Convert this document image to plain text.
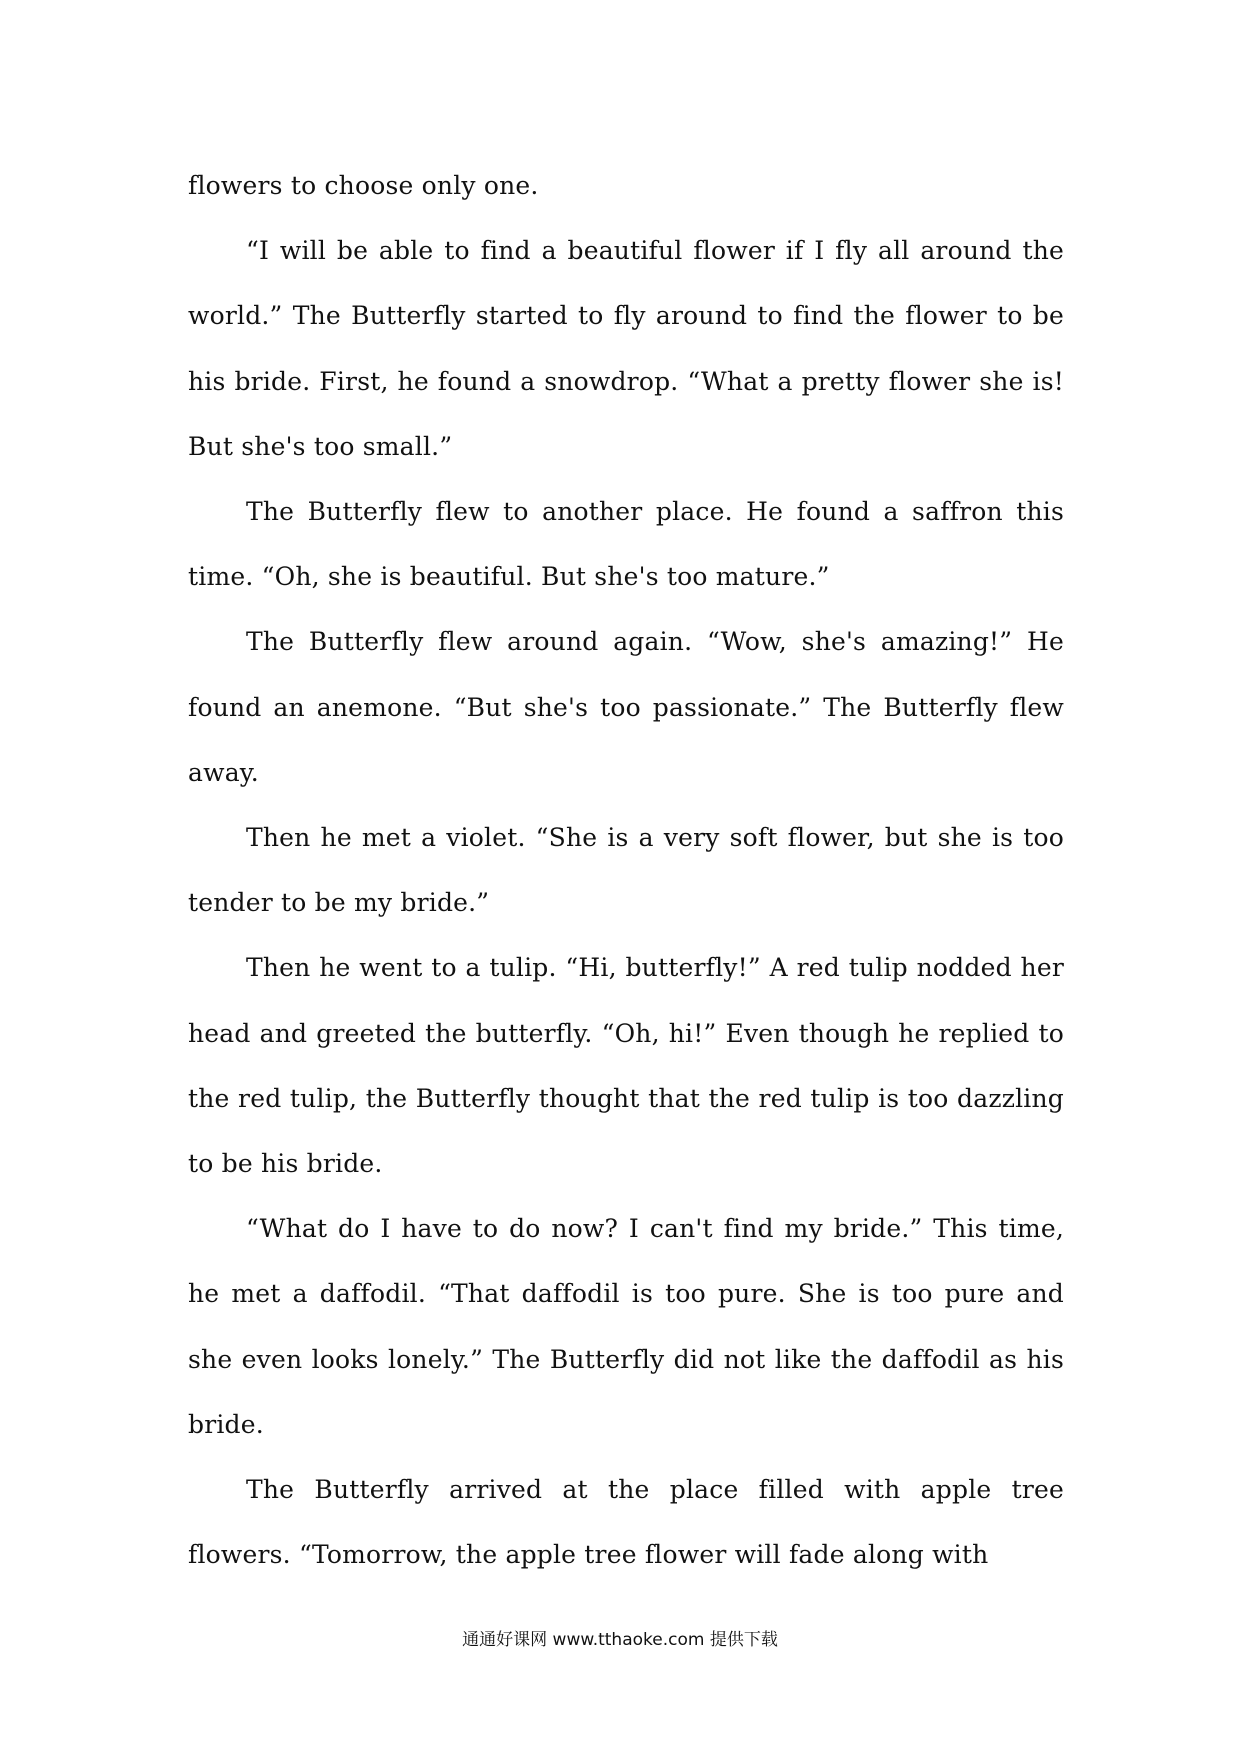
flowers to choose only one.

“I will be able to find a beautiful flower if I fly all around the world.” The Butterfly started to fly around to find the flower to be his bride. First, he found a snowdrop. “What a pretty flower she is! But she's too small.”

The Butterfly flew to another place. He found a saffron this time. “Oh, she is beautiful. But she's too mature.”

The Butterfly flew around again. “Wow, she's amazing!” He found an anemone. “But she's too passionate.” The Butterfly flew away.

Then he met a violet. “She is a very soft flower, but she is too tender to be my bride.”

Then he went to a tulip. “Hi, butterfly!” A red tulip nodded her head and greeted the butterfly. “Oh, hi!” Even though he replied to the red tulip, the Butterfly thought that the red tulip is too dazzling to be his bride.

“What do I have to do now? I can't find my bride.” This time, he met a daffodil. “That daffodil is too pure. She is too pure and she even looks lonely.” The Butterfly did not like the daffodil as his bride.

The Butterfly arrived at the place filled with apple tree flowers. “Tomorrow, the apple tree flower will fade along with

通通好课网 www.tthaoke.com 提供下载
